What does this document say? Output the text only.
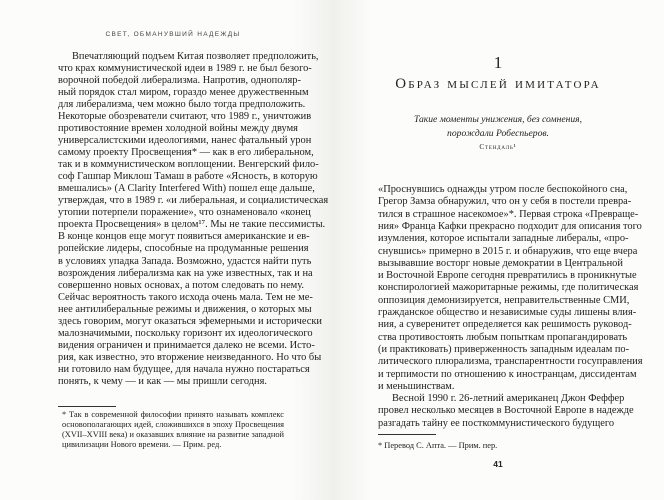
СВЕТ, ОБМАНУВШИЙ НАДЕЖДЫ
Впечатляющий подъем Китая позволяет предположить,
что крах коммунистической идеи в 1989 г. не был безого-
ворочной победой либерализма. Напротив, однополяр-
ный порядок стал миром, гораздо менее дружественным
для либерализма, чем можно было тогда предположить.
Некоторые обозреватели считают, что 1989 г., уничтожив
противостояние времен холодной войны между двумя
универсалистскими идеологиями, нанес фатальный урон
самому проекту Просвещения* — как в его либеральном,
так и в коммунистическом воплощении. Венгерский фило-
соф Гашпар Миклош Тамаш в работе «Ясность, в которую
вмешались» (A Clarity Interfered With) пошел еще дальше,
утверждая, что в 1989 г. «и либеральная, и социалистическая
утопии потерпели поражение», что ознаменовало «конец
проекта Просвещения» в целом¹⁷. Мы не такие пессимисты.
В конце концов еще могут появиться американские и ев-
ропейские лидеры, способные на продуманные решения
в условиях упадка Запада. Возможно, удастся найти путь
возрождения либерализма как на уже известных, так и на
совершенно новых основах, а потом следовать по нему.
Сейчас вероятность такого исхода очень мала. Тем не ме-
нее антилиберальные режимы и движения, о которых мы
здесь говорим, могут оказаться эфемерными и исторически
малозначимыми, поскольку горизонт их идеологического
видения ограничен и принимается далеко не всеми. Исто-
рия, как известно, это вторжение неизведанного. Но что бы
ни готовило нам будущее, для начала нужно постараться
понять, к чему — и как — мы пришли сегодня.
* Так в современной философии принято называть комплекс
основополагающих идей, сложившихся в эпоху Просвещения
(XVII–XVIII века) и оказавших влияние на развитие западной
цивилизации Нового времени. — Прим. ред.
1
Образ мыслей имитатора
Такие моменты унижения, без сомнения,
порождали Робеспьеров.
Стендаль¹
«Проснувшись однажды утром после беспокойного сна,
Грегор Замза обнаружил, что он у себя в постели превра-
тился в страшное насекомое»*. Первая строка «Превраще-
ния» Франца Кафки прекрасно подходит для описания того
изумления, которое испытали западные либералы, «про-
снувшись» примерно в 2015 г. и обнаружив, что еще вчера
вызывавшие восторг новые демократии в Центральной
и Восточной Европе сегодня превратились в проникнутые
конспирологией мажоритарные режимы, где политическая
оппозиция демонизируется, неправительственные СМИ,
гражданское общество и независимые суды лишены влия-
ния, а суверенитет определяется как решимость руковод-
ства противостоять любым попыткам пропагандировать
(и практиковать) приверженность западным идеалам по-
литического плюрализма, транспарентности госуправления
и терпимости по отношению к иностранцам, диссидентам
и меньшинствам.
Весной 1990 г. 26-летний американец Джон Феффер
провел несколько месяцев в Восточной Европе в надежде
разгадать тайну ее посткоммунистического будущего
* Перевод С. Апта. — Прим. пер.
41
